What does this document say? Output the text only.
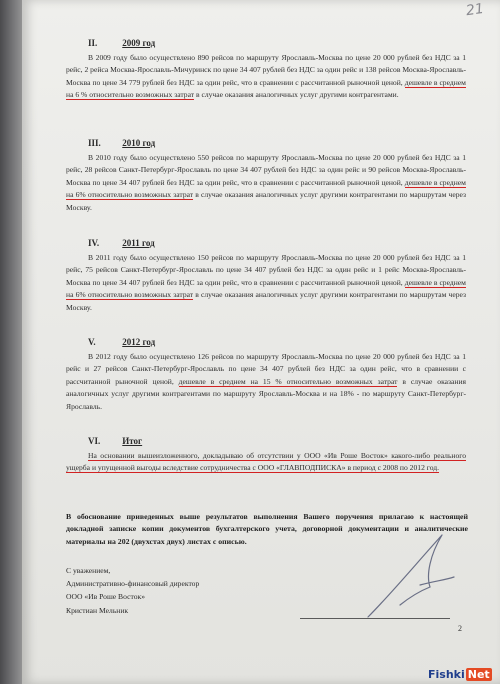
21
II.	2009 год

В 2009 году было осуществлено 890 рейсов по маршруту Ярославль-Москва по цене 20 000 рублей без НДС за 1 рейс, 2 рейса Москва-Ярославль-Мичуринск по цене 34 407 рублей без НДС за один рейс и 138 рейсов Москва-Ярославль-Москва по цене 34 779 рублей без НДС за один рейс, что в сравнении с рассчитанной рыночной ценой, дешевле в среднем на 6 % относительно возможных затрат в случае оказания аналогичных услуг другими контрагентами.

III. 2010 год

В 2010 году было осуществлено 550 рейсов по маршруту Ярославль-Москва по цене 20 000 рублей без НДС за 1 рейс, 28 рейсов Санкт-Петербург-Ярославль по цене 34 407 рублей без НДС за один рейс и 90 рейсов Москва-Ярославль-Москва по цене 34 407 рублей без НДС за один рейс, что в сравнении с рассчитанной рыночной ценой, дешевле в среднем на 6% относительно возможных затрат в случае оказания аналогичных услуг другими контрагентами по маршрутам через Москву.

IV.	2011 год

В 2011 году было осуществлено 150 рейсов по маршруту Ярославль-Москва по цене 20 000 рублей без НДС за 1 рейс, 75 рейсов Санкт-Петербург-Ярославль по цене 34 407 рублей без НДС за один рейс и 1 рейс Москва-Ярославль-Москва по цене 34 407 рублей без НДС за один рейс, что в сравнении с рассчитанной рыночной ценой, дешевле в среднем на 6% относительно возможных затрат в случае оказания аналогичных услуг другими контрагентами по маршрутам через Москву.

V.	2012 год

В 2012 году было осуществлено 126 рейсов по маршруту Ярославль-Москва по цене 20 000 рублей без НДС за 1 рейс и 27 рейсов Санкт-Петербург-Ярославль по цене 34 407 рублей без НДС за один рейс, что в сравнении с рассчитанной рыночной ценой, дешевле в среднем на 15 % относительно возможных затрат в случае оказания аналогичных услуг другими контрагентами по маршруту Ярославль-Москва и на 18% - по маршруту Санкт-Петербург-Ярославль.

VI. Итог

На основании вышеизложенного, докладываю об отсутствии у ООО «Ив Роше Восток» какого-либо реального ущерба и упущенной выгоды вследствие сотрудничества с ООО «ГЛАВПОДПИСКА» в период с 2008 по 2012 год.

В обоснование приведенных выше результатов выполнения Вашего поручения прилагаю к настоящей докладной записке копии документов бухгалтерского учета, договорной документации и аналитические материалы на 202 (двухстах двух) листах с описью.

С уважением,
Административно-финансовый директор
ООО «Ив Роше Восток»
Кристиан Мельник
2
Fishki Net
